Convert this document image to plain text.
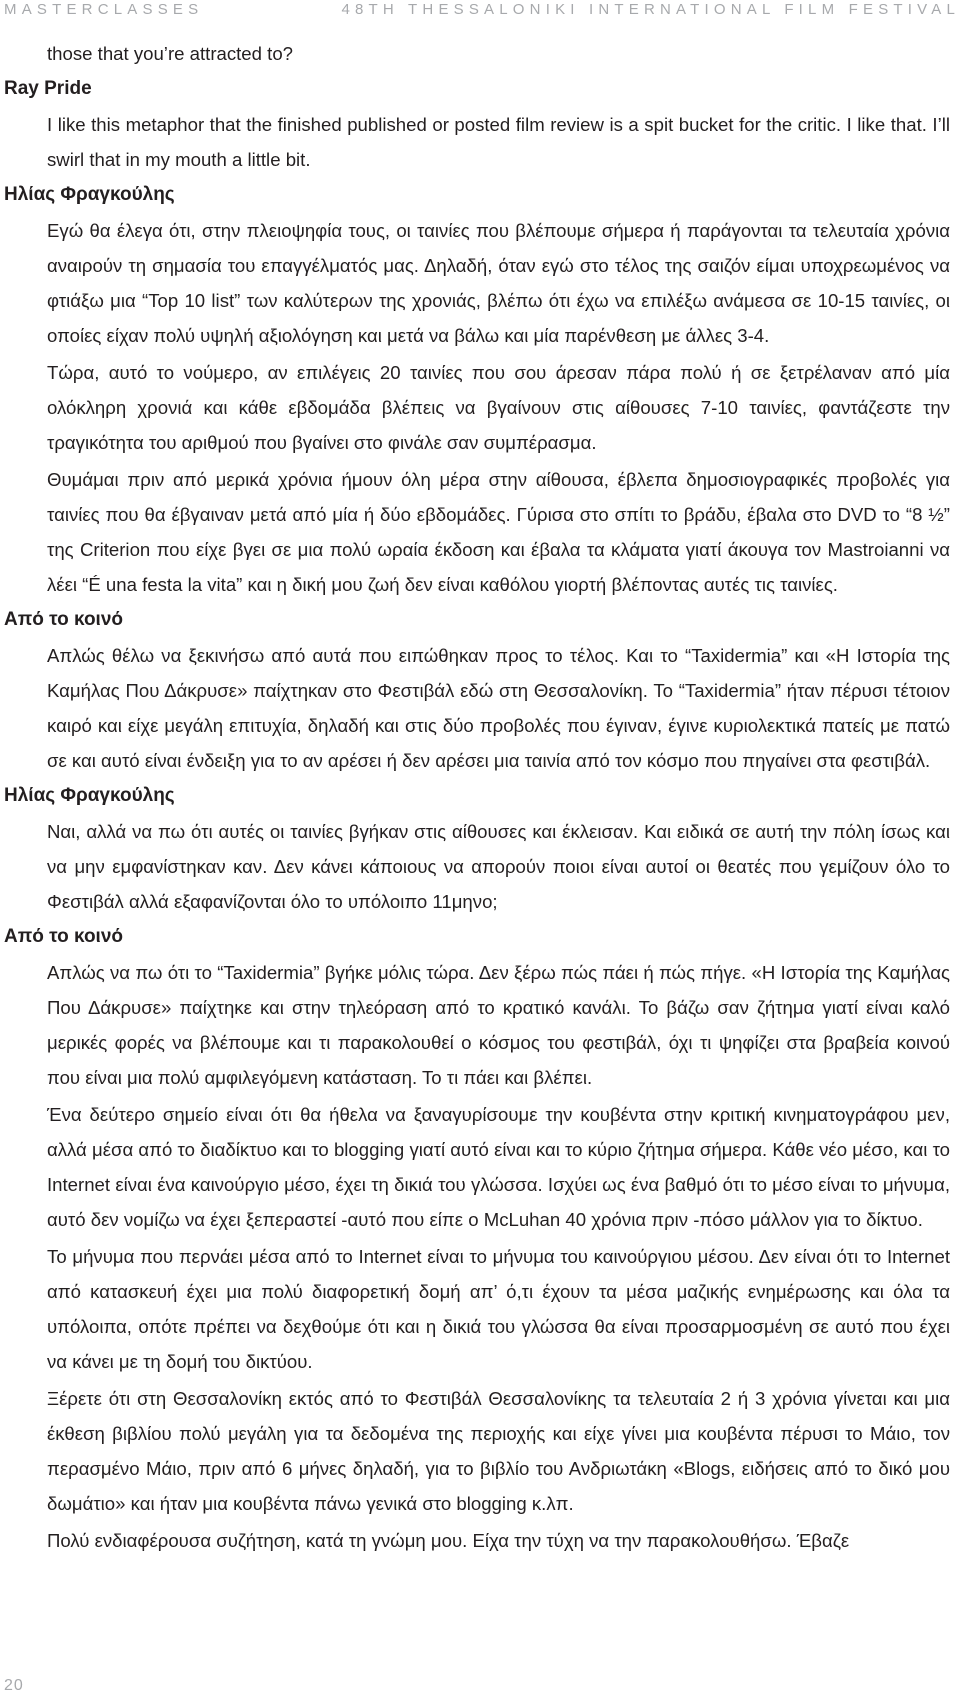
MASTERCLASSES	48TH THESSALONIKI INTERNATIONAL FILM FESTIVAL

those that you’re attracted to?

Ray Pride

I like this metaphor that the finished published or posted film review is a spit bucket for the critic. I like that. I’ll swirl that in my mouth a little bit.

Ηλίας Φραγκούλης

Εγώ θα έλεγα ότι, στην πλειοψηφία τους, οι ταινίες που βλέπουμε σήμερα ή παράγονται τα τελευταία χρόνια αναιρούν τη σημασία του επαγγέλματός μας. Δηλαδή, όταν εγώ στο τέλος της σαιζόν είμαι υποχρεωμένος να φτιάξω μια “Top 10 list” των καλύτερων της χρονιάς, βλέπω ότι έχω να επιλέξω ανάμεσα σε 10-15 ταινίες, οι οποίες είχαν πολύ υψηλή αξιολόγηση και μετά να βάλω και μία παρένθεση με άλλες 3-4.

Τώρα, αυτό το νούμερο, αν επιλέγεις 20 ταινίες που σου άρεσαν πάρα πολύ ή σε ξετρέλαναν από μία ολόκληρη χρονιά και κάθε εβδομάδα βλέπεις να βγαίνουν στις αίθουσες 7-10 ταινίες, φαντάζεστε την τραγικότητα του αριθμού που βγαίνει στο φινάλε σαν συμπέρασμα.

Θυμάμαι πριν από μερικά χρόνια ήμουν όλη μέρα στην αίθουσα, έβλεπα δημοσιογραφικές προβολές για ταινίες που θα έβγαιναν μετά από μία ή δύο εβδομάδες. Γύρισα στο σπίτι το βράδυ, έβαλα στο DVD το “8 ½” της Criterion που είχε βγει σε μια πολύ ωραία έκδοση και έβαλα τα κλάματα γιατί άκουγα τον Mastroianni να λέει “É una festa la vita” και η δική μου ζωή δεν είναι καθόλου γιορτή βλέποντας αυτές τις ταινίες.

Από το κοινό

Απλώς θέλω να ξεκινήσω από αυτά που ειπώθηκαν προς το τέλος. Και το “Taxidermia” και «Η Ιστορία της Καμήλας Που Δάκρυσε» παίχτηκαν στο Φεστιβάλ εδώ στη Θεσσαλονίκη. Το “Taxidermia” ήταν πέρυσι τέτοιον καιρό και είχε μεγάλη επιτυχία, δηλαδή και στις δύο προβολές που έγιναν, έγινε κυριολεκτικά πατείς με πατώ σε και αυτό είναι ένδειξη για το αν αρέσει ή δεν αρέσει μια ταινία από τον κόσμο που πηγαίνει στα φεστιβάλ.

Ηλίας Φραγκούλης

Ναι, αλλά να πω ότι αυτές οι ταινίες βγήκαν στις αίθουσες και έκλεισαν. Και ειδικά σε αυτή την πόλη ίσως και να μην εμφανίστηκαν καν. Δεν κάνει κάποιους να απορούν ποιοι είναι αυτοί οι θεατές που γεμίζουν όλο το Φεστιβάλ αλλά εξαφανίζονται όλο το υπόλοιπο 11μηνο;

Από το κοινό

Απλώς να πω ότι το “Taxidermia” βγήκε μόλις τώρα. Δεν ξέρω πώς πάει ή πώς πήγε. «Η Ιστορία της Καμήλας Που Δάκρυσε» παίχτηκε και στην τηλεόραση από το κρατικό κανάλι. Το βάζω σαν ζήτημα γιατί είναι καλό μερικές φορές να βλέπουμε και τι παρακολουθεί ο κόσμος του φεστιβάλ, όχι τι ψηφίζει στα βραβεία κοινού που είναι μια πολύ αμφιλεγόμενη κατάσταση. Το τι πάει και βλέπει.

Ένα δεύτερο σημείο είναι ότι θα ήθελα να ξαναγυρίσουμε την κουβέντα στην κριτική κινηματογράφου μεν, αλλά μέσα από το διαδίκτυο και το blogging γιατί αυτό είναι και το κύριο ζήτημα σήμερα. Κάθε νέο μέσο, και το Internet είναι ένα καινούργιο μέσο, έχει τη δικιά του γλώσσα. Ισχύει ως ένα βαθμό ότι το μέσο είναι το μήνυμα, αυτό δεν νομίζω να έχει ξεπεραστεί -αυτό που είπε ο McLuhan 40 χρόνια πριν -πόσο μάλλον για το δίκτυο.

Το μήνυμα που περνάει μέσα από το Internet είναι το μήνυμα του καινούργιου μέσου. Δεν είναι ότι το Internet από κατασκευή έχει μια πολύ διαφορετική δομή απ’ ό,τι έχουν τα μέσα μαζικής ενημέρωσης και όλα τα υπόλοιπα, οπότε πρέπει να δεχθούμε ότι και η δικιά του γλώσσα θα είναι προσαρμοσμένη σε αυτό που έχει να κάνει με τη δομή του δικτύου.

Ξέρετε ότι στη Θεσσαλονίκη εκτός από το Φεστιβάλ Θεσσαλονίκης τα τελευταία 2 ή 3 χρόνια γίνεται και μια έκθεση βιβλίου πολύ μεγάλη για τα δεδομένα της περιοχής και είχε γίνει μια κουβέντα πέρυσι το Μάιο, τον περασμένο Μάιο, πριν από 6 μήνες δηλαδή, για το βιβλίο του Ανδριωτάκη «Blogs, ειδήσεις από το δικό μου δωμάτιο» και ήταν μια κουβέντα πάνω γενικά στο blogging κ.λπ.

Πολύ ενδιαφέρουσα συζήτηση, κατά τη γνώμη μου. Είχα την τύχη να την παρακολουθήσω. Έβαζε

20
